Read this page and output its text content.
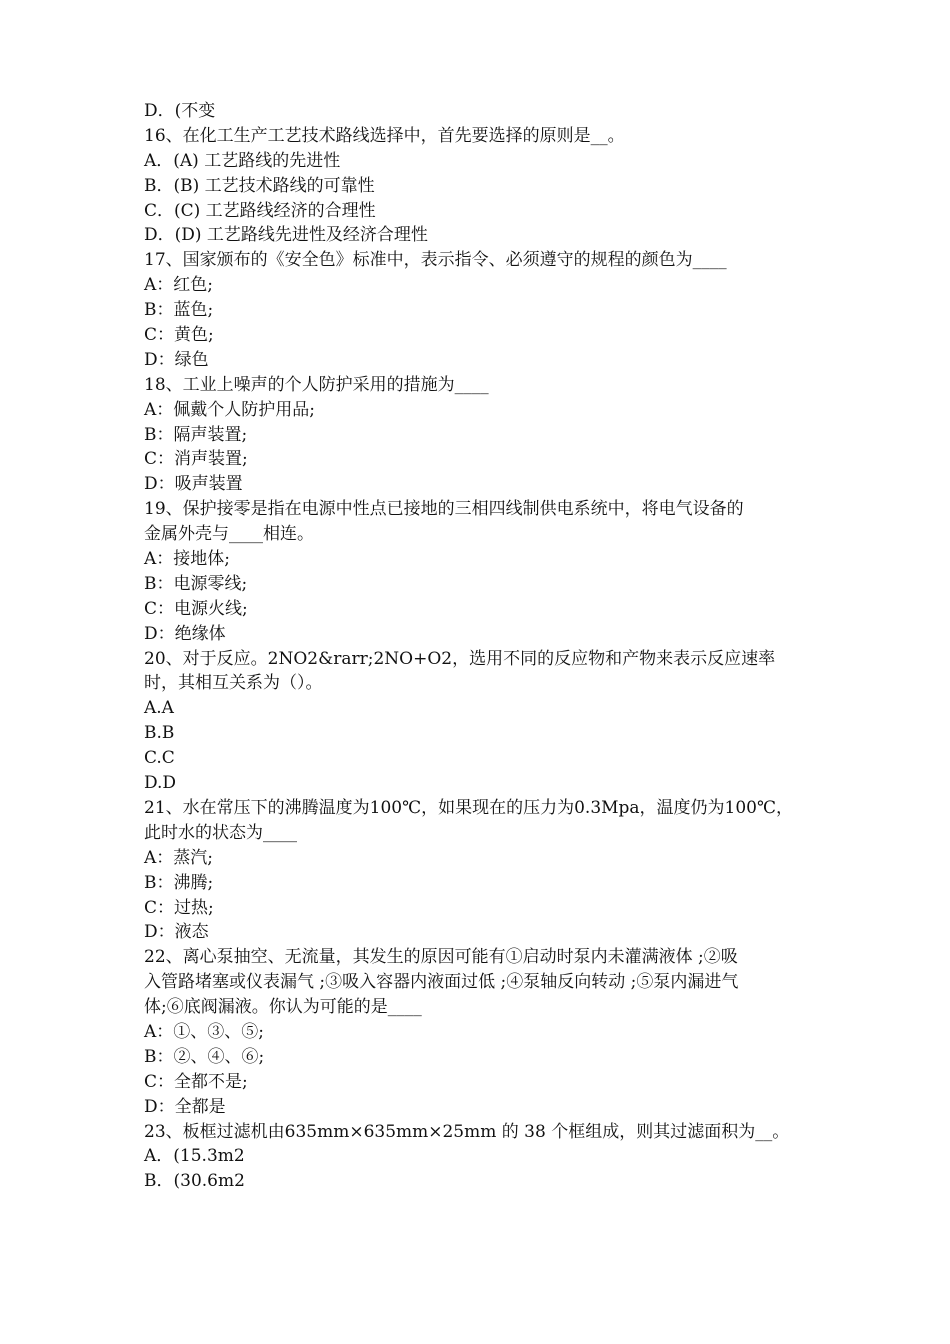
D．(不变
16、在化工生产工艺技术路线选择中，首先要选择的原则是__。
A．(A) 工艺路线的先进性
B．(B) 工艺技术路线的可靠性
C．(C) 工艺路线经济的合理性
D．(D) 工艺路线先进性及经济合理性
17、国家颁布的《安全色》标准中，表示指令、必须遵守的规程的颜色为____
A：红色;
B：蓝色;
C：黄色;
D：绿色
18、工业上噪声的个人防护采用的措施为____
A：佩戴个人防护用品;
B：隔声装置;
C：消声装置;
D：吸声装置
19、保护接零是指在电源中性点已接地的三相四线制供电系统中，将电气设备的
金属外壳与____相连。
A：接地体;
B：电源零线;
C：电源火线;
D：绝缘体
20、对于反应。2NO2&rarr;2NO+O2，选用不同的反应物和产物来表示反应速率
时，其相互关系为（）。
A.A
B.B
C.C
D.D
21、水在常压下的沸腾温度为100℃，如果现在的压力为0.3Mpa，温度仍为100℃，
此时水的状态为____
A：蒸汽;
B：沸腾;
C：过热;
D：液态
22、离心泵抽空、无流量，其发生的原因可能有①启动时泵内未灌满液体 ;②吸
入管路堵塞或仪表漏气 ;③吸入容器内液面过低 ;④泵轴反向转动 ;⑤泵内漏进气
体;⑥底阀漏液。你认为可能的是____
A：①、③、⑤;
B：②、④、⑥;
C：全都不是;
D：全都是
23、板框过滤机由635mm×635mm×25mm 的 38 个框组成，则其过滤面积为__。
A．(15.3m2
B．(30.6m2
